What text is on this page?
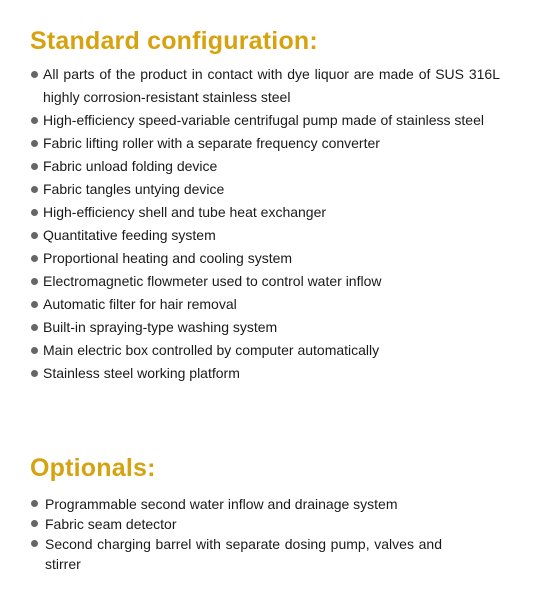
Standard configuration:
All parts of the product in contact with dye liquor are made of SUS 316L highly corrosion-resistant stainless steel
High-efficiency speed-variable centrifugal pump made of stainless steel
Fabric lifting roller with a separate frequency converter
Fabric unload folding device
Fabric tangles untying device
High-efficiency shell and tube heat exchanger
Quantitative feeding system
Proportional heating and cooling system
Electromagnetic flowmeter used to control water inflow
Automatic filter for hair removal
Built-in spraying-type washing system
Main electric box controlled by computer automatically
Stainless steel working platform
Optionals:
Programmable second water inflow and drainage system
Fabric seam detector
Second charging barrel with separate dosing pump, valves and stirrer
